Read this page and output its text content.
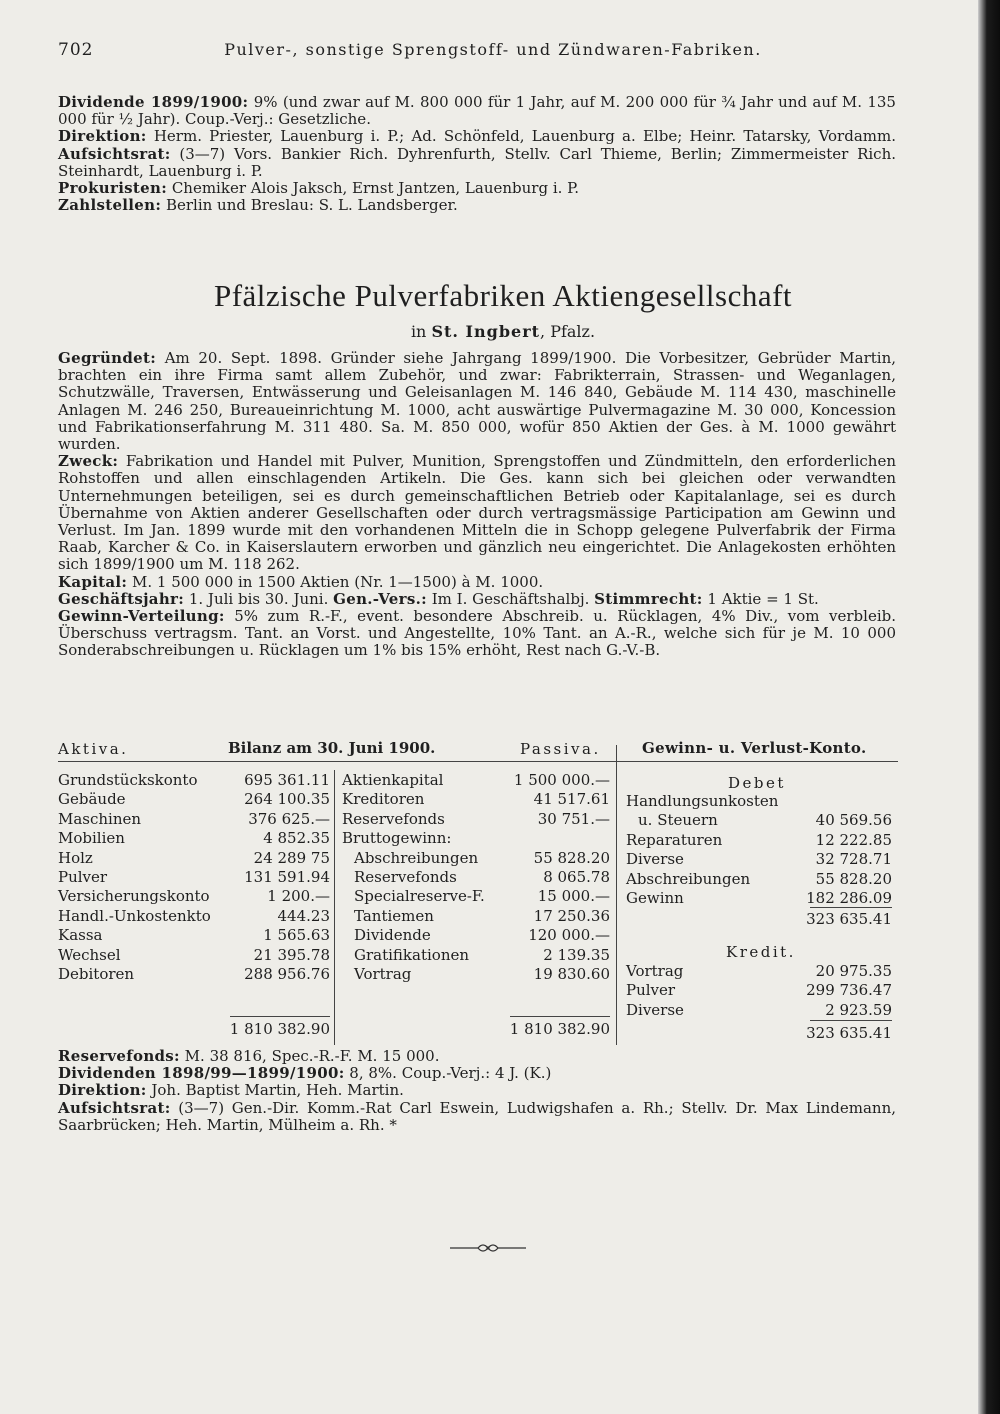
702	Pulver-, sonstige Sprengstoff- und Zündwaren-Fabriken.
Dividende 1899/1900: 9% (und zwar auf M. 800 000 für 1 Jahr, auf M. 200 000 für ¾ Jahr und auf M. 135 000 für ½ Jahr). Coup.-Verj.: Gesetzliche.
Direktion: Herm. Priester, Lauenburg i. P.; Ad. Schönfeld, Lauenburg a. Elbe; Heinr. Tatarsky, Vordamm. Aufsichtsrat: (3—7) Vors. Bankier Rich. Dyhrenfurth, Stellv. Carl Thieme, Berlin; Zimmermeister Rich. Steinhardt, Lauenburg i. P.
Prokuristen: Chemiker Alois Jaksch, Ernst Jantzen, Lauenburg i. P.
Zahlstellen: Berlin und Breslau: S. L. Landsberger.
Pfälzische Pulverfabriken Aktiengesellschaft
in St. Ingbert, Pfalz.
Gegründet: Am 20. Sept. 1898. Gründer siehe Jahrgang 1899/1900. Die Vorbesitzer, Gebrüder Martin, brachten ein ihre Firma samt allem Zubehör, und zwar: Fabrikterrain, Strassen- und Weganlagen, Schutzwälle, Traversen, Entwässerung und Geleisanlagen M. 146 840, Gebäude M. 114 430, maschinelle Anlagen M. 246 250, Bureaueinrichtung M. 1000, acht auswärtige Pulvermagazine M. 30 000, Koncession und Fabrikationserfahrung M. 311 480. Sa. M. 850 000, wofür 850 Aktien der Ges. à M. 1000 gewährt wurden.
Zweck: Fabrikation und Handel mit Pulver, Munition, Sprengstoffen und Zündmitteln, den erforderlichen Rohstoffen und allen einschlagenden Artikeln. Die Ges. kann sich bei gleichen oder verwandten Unternehmungen beteiligen, sei es durch gemeinschaftlichen Betrieb oder Kapitalanlage, sei es durch Übernahme von Aktien anderer Gesellschaften oder durch vertragsmässige Participation am Gewinn und Verlust. Im Jan. 1899 wurde mit den vorhandenen Mitteln die in Schopp gelegene Pulverfabrik der Firma Raab, Karcher & Co. in Kaiserslautern erworben und gänzlich neu eingerichtet. Die Anlagekosten erhöhten sich 1899/1900 um M. 118 262.
Kapital: M. 1 500 000 in 1500 Aktien (Nr. 1—1500) à M. 1000.
Geschäftsjahr: 1. Juli bis 30. Juni. Gen.-Vers.: Im I. Geschäftshalbj. Stimmrecht: 1 Aktie = 1 St.
Gewinn-Verteilung: 5% zum R.-F., event. besondere Abschreib. u. Rücklagen, 4% Div., vom verbleib. Überschuss vertragsm. Tant. an Vorst. und Angestellte, 10% Tant. an A.-R., welche sich für je M. 10 000 Sonderabschreibungen u. Rücklagen um 1% bis 15% erhöht, Rest nach G.-V.-B.
Aktiva.	Bilanz am 30. Juni 1900.	Passiva.	Gewinn- u. Verlust-Konto.
Grundstückskonto	695 361.11
Gebäude	264 100.35
Maschinen	376 625.—
Mobilien	4 852.35
Holz	24 289 75
Pulver	131 591.94
Versicherungskonto	1 200.—
Handl.-Unkostenkto	444.23
Kassa	1 565.63
Wechsel	21 395.78
Debitoren	288 956.76
1 810 382.90
Aktienkapital	1 500 000.—
Kreditoren	41 517.61
Reservefonds	30 751.—
Bruttogewinn:
Abschreibungen	55 828.20
Reservefonds	8 065.78
Specialreserve-F.	15 000.—
Tantiemen	17 250.36
Dividende	120 000.—
Gratifikationen	2 139.35
Vortrag	19 830.60
1 810 382.90
Debet
Handlungsunkosten
u. Steuern	40 569.56
Reparaturen	12 222.85
Diverse	32 728.71
Abschreibungen	55 828.20
Gewinn	182 286.09
323 635.41
Kredit.
Vortrag	20 975.35
Pulver	299 736.47
Diverse	2 923.59
323 635.41
Reservefonds: M. 38 816, Spec.-R.-F. M. 15 000.
Dividenden 1898/99—1899/1900: 8, 8%. Coup.-Verj.: 4 J. (K.)
Direktion: Joh. Baptist Martin, Heh. Martin.
Aufsichtsrat: (3—7) Gen.-Dir. Komm.-Rat Carl Eswein, Ludwigshafen a. Rh.; Stellv. Dr. Max Lindemann, Saarbrücken; Heh. Martin, Mülheim a. Rh. *
